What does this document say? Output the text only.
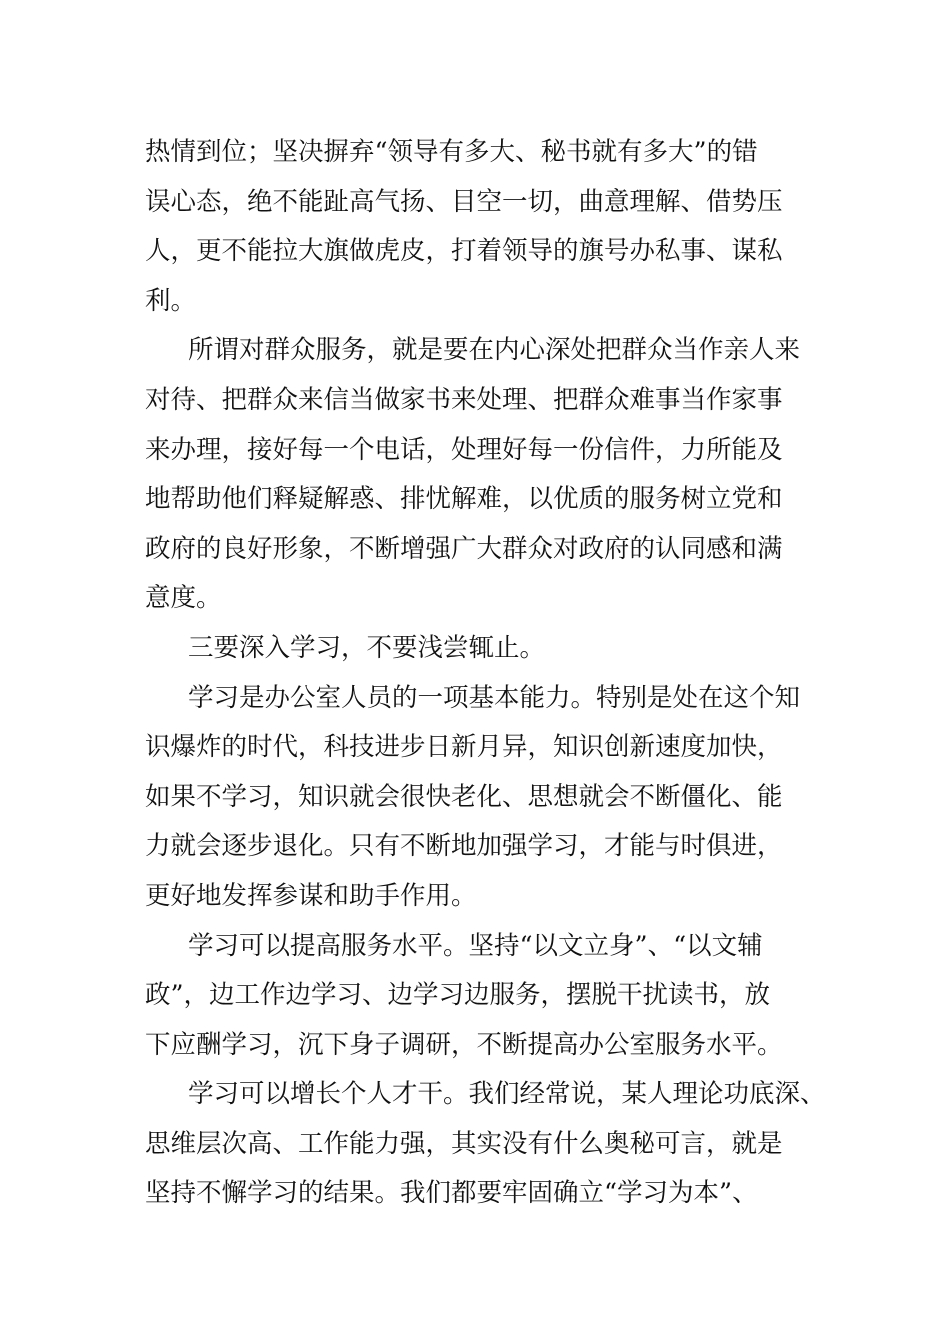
热情到位；坚决摒弃“领导有多大、秘书就有多大”的错
误心态，绝不能趾高气扬、目空一切，曲意理解、借势压
人，更不能拉大旗做虎皮，打着领导的旗号办私事、谋私
利。
所谓对群众服务，就是要在内心深处把群众当作亲人来
对待、把群众来信当做家书来处理、把群众难事当作家事
来办理，接好每一个电话，处理好每一份信件，力所能及
地帮助他们释疑解惑、排忧解难，以优质的服务树立党和
政府的良好形象，不断增强广大群众对政府的认同感和满
意度。
三要深入学习，不要浅尝辄止。
学习是办公室人员的一项基本能力。特别是处在这个知
识爆炸的时代，科技进步日新月异，知识创新速度加快，
如果不学习，知识就会很快老化、思想就会不断僵化、能
力就会逐步退化。只有不断地加强学习，才能与时俱进，
更好地发挥参谋和助手作用。
学习可以提高服务水平。坚持“以文立身”、“以文辅
政”，边工作边学习、边学习边服务，摆脱干扰读书，放
下应酬学习，沉下身子调研，不断提高办公室服务水平。
学习可以增长个人才干。我们经常说，某人理论功底深、
思维层次高、工作能力强，其实没有什么奥秘可言，就是
坚持不懈学习的结果。我们都要牢固确立“学习为本”、
